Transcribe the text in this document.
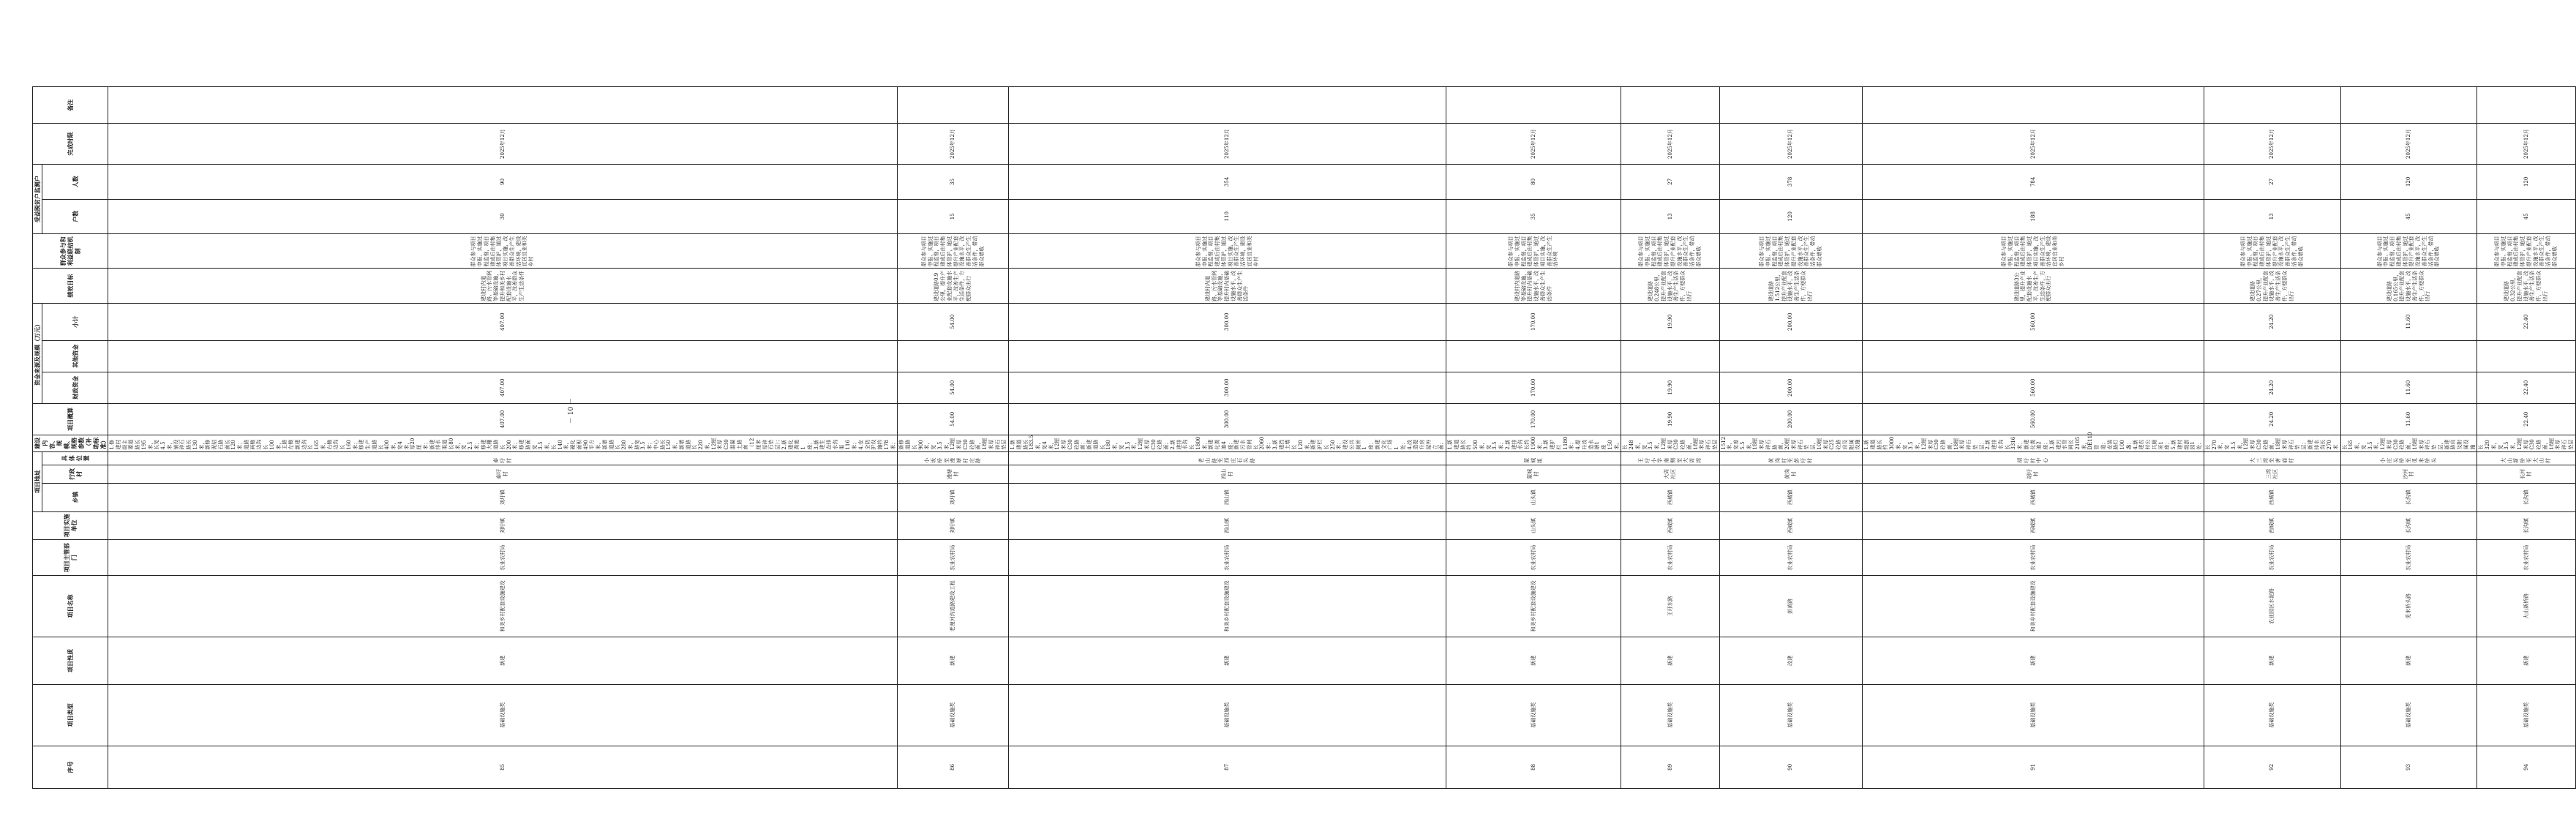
序号	项目类型	项目性质	项目名称	项目主管部门	项目实施单位	项目地址			建设内容、规模、规格参数（补助标准）	项目概算	资金来源及规模（万元）			绩效目标	群众参与和利益联结机制	受益脱贫户监测户		完成时限	备注
						乡镇	行政村	具体位置			财政资金	其他资金	小计			户数	人数		

85	基础设施类	新建	和美乡村配套设施建设	农业农村局	刘圩镇	刘圩镇	泰圩村	泰圩村	1.修建村级主要道路长195米，长宽4.5米，铺设碎石路长130米，新修泥结石路面长120米；道路两侧边沟长100米，主路左侧新建边沟长165米，右侧边沟长160米；修建生产道路长400米，宽4米，厚20厘米；新建排水渠道长80米，宽2.5米；修建大棚道路长200米；修建路面宽3.5米，长140米，硬化面积490平方米，新增道路长280米，路宽3.5米；中心路长150米，新增道路长220米，12厘米厚C30混凝土路面（12厘米厚碎石垫层）； 2.新建化粪池1座； 3.新建生态排水沟渠116米； 4.安全防护设施约178米；	407.00	407.00		407.00	建设村内道路、污水管网等基础设施，提升和美乡村配套设施水平，改善群众生产生活条件	群众参与项目申报、实施过程监督，项目建成后由村集体管护，通过项目实施，改善群众生产生活环境，建设宜居宜业和美乡村	30	90	2025年12月	
86	基础设施类	新建	老漫河沟道路建设工程	农业农村局	刘圩镇	刘圩镇	漫塘村	小坂桥至漫塘村庄路	新修道路长900米，宽3.5米，12厘米厚C30砼路面，18厘米厚碎石垫层	54.00	54.00		54.00	建设道路0.9公里，提升产业配套设施水平，改善生产生活条件，方便群众出行	群众参与项目申报、实施过程监督，项目建成后由村集体管护，通过提升产业配套设施水平，改善群众生产生活条件，带动群众增收	15	35	2025年12月	
87	基础设施类	新建	和美乡村配套设施建设	农业农村局	西山镇	西山镇	西山村	老山路至西庄石头路	1.新建道路长183.5米，宽4米，12厘米厚C30砼路面；新建道路长180米，宽3.5米，12厘米厚C30砼路面； 2.新建排水沟长1800米；新建化粪池4座；新建污水管网长2060米； 3.新建挡土墙长120米，新建护栏长250米；建设公共厕所1座；新建文化广场1处； 4.改造提升房屋外立面；	300.00	300.00		300.00	建设村内道路、污水管网等基础设施，提升村内基础设施水平，改善群众生产生活条件	群众参与项目申报、实施过程监督，项目建成后由村集体管护，通过项目实施，改善群众生产生活环境，建设宜居宜业和美乡村	110	354	2025年12月	
88	基础设施类	新建	和美乡村配套设施建设	农业农村局	山头镇	山头镇	蒙城村	蒙城组	1.新建道路长约500米，宽3.5米； 2.新建排水沟长约1900米； 3.新建护栏1180米； 4.提升改造水塘1座150米。	170.00	170.00		170.00	建设村内道路等基础设施，提升村内基础设施水平，改善群众生产生活条件	群众参与项目申报、实施过程监督，项目建成后由村集体管护，通过项目实施，改善群众生产生活环境	35	80	2025年12月	
89	基础设施类	新建	王圩东路	农业农村局	西城镇	西城镇	大周社区	王圩小学南侧至大周湾	长248米，宽3.5米，12厘米厚C30砼路面，18厘米厚碎石垫层	19.90	19.90		19.90	建设道路0.248公里，提升产业配套设施水平，改善生产生活条件，方便群众出行	群众参与项目申报、实施过程监督，项目建成后由村集体管护，通过提升产业配套设施水平，改善群众生产生活条件，带动群众增收	13	27	2025年12月	
90	基础设施类	改建	彭黄路	农业农村局	西城镇	西城镇	黄岗村	黄岗村至彭圩村	1512米，宽度5.5米，18厘米厚碎石路面，20厘米厚碎石垫层，10厘米厚C25砼路肩及附属设施	200.00	200.00		200.00	建设道路1.512公里，提升产业配套设施水平，改善生产生活条件，方便群众出行	群众参与项目申报、实施过程监督，项目建成后由村集体管护，通过提升产业配套设施水平，改善群众生产生活条件，带动群众增收	120	378	2025年12月	
91	基础设施类	新建	和美乡村配套设施建设	农业农村局	西城镇	西城镇	胡圩村	胡圩村中心	1.新建道路长约3000米，宽3.5米，12厘米厚C30砼路面，18厘米厚碎石垫层； 2.新建排水沟长3316米；新建化粪池2座； 3.新建污水管网长2105米，DE110管道；安装路灯100盏； 4.新建农村公共厕所1座； 5.新建村级游园1处；	560.00	560.00		560.00	建设道路3公里，提升产业配套设施水平，改善生产生活条件，方便群众出行	群众参与项目申报、实施过程监督，项目建成后由村集体管护，通过项目实施，改善群众生产生活环境，建设宜居宜业和美乡村	188	784	2025年12月	
92	基础设施类	新建	农业园区水泥路	农业农村局	西城镇	西城镇	三湾社区	大三湾至唐庙村	长270米，宽3.5米，12厘米厚C30砼路面，18厘米厚碎石垫层；新建排水沟长270米	24.20	24.20		24.20	建设道路0.27公里，提升产业配套设施水平，改善生产生活条件，方便群众出行	群众参与项目申报、实施过程监督，项目建成后由村集体管护，通过提升产业配套设施水平，改善群众生产生活条件，带动群众增收	13	27	2025年12月	
93	基础设施类	新建	觅米桥头路	农业农村局	长沟镇	长沟镇	沙河村	小庄头桥至觅米桥头	长165米，宽3.5米，12厘米厚C30砼路面，18厘米厚碎石垫层，新建路肩及附属设施	11.60	11.60		11.60	建设道路0.165公里，提升产业配套设施水平，改善生产生活条件，方便群众出行	群众参与项目申报、实施过程监督，项目建成后由村集体管护，通过提升产业配套设施水平，改善群众生产生活条件，带动群众增收	45	120	2025年12月	
94	基础设施类	新建	大山新桥路	农业农村局	长沟镇	长沟镇	长河村	大山新桥至大山村	长320米，宽3.5米，12厘米厚C30砼路面，18厘米厚碎石垫层	22.40	22.40		22.40	建设道路0.32公里，提升产业配套设施水平，改善生产生活条件，方便群众出行	群众参与项目申报、实施过程监督，项目建成后由村集体管护，通过提升产业配套设施水平，改善群众生产生活条件，带动群众增收	45	120	2025年12月	
－ 10 －
